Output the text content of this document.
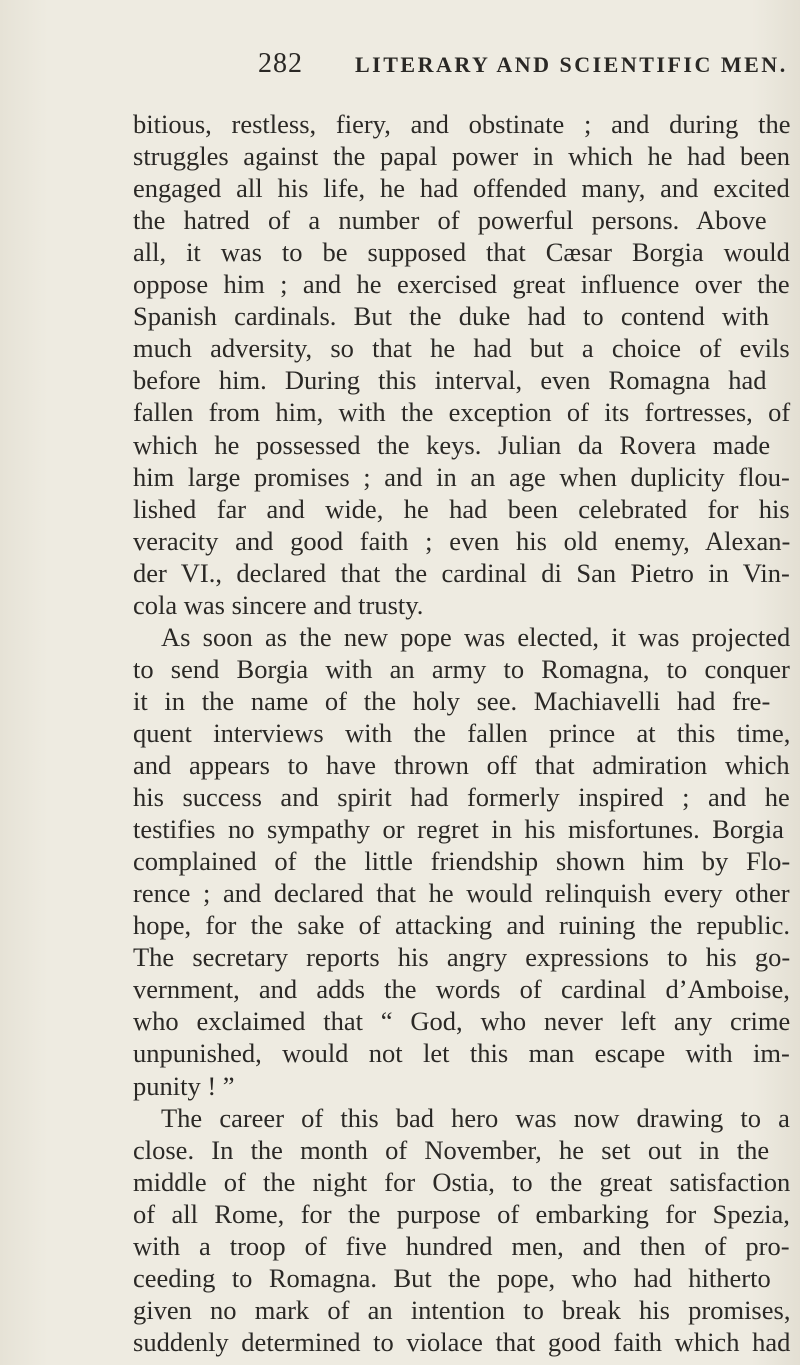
282 LITERARY AND SCIENTIFIC MEN.
bitious, restless, fiery, and obstinate ; and during the
struggles against the papal power in which he had been
engaged all his life, he had offended many, and excited
the hatred of a number of powerful persons. Above
all, it was to be supposed that Cæsar Borgia would
oppose him ; and he exercised great influence over the
Spanish cardinals. But the duke had to contend with
much adversity, so that he had but a choice of evils
before him. During this interval, even Romagna had
fallen from him, with the exception of its fortresses, of
which he possessed the keys. Julian da Rovera made
him large promises ; and in an age when duplicity flou-
lished far and wide, he had been celebrated for his
veracity and good faith ; even his old enemy, Alexan-
der VI., declared that the cardinal di San Pietro in Vin-
cola was sincere and trusty.
As soon as the new pope was elected, it was projected
to send Borgia with an army to Romagna, to conquer
it in the name of the holy see. Machiavelli had fre-
quent interviews with the fallen prince at this time,
and appears to have thrown off that admiration which
his success and spirit had formerly inspired ; and he
testifies no sympathy or regret in his misfortunes. Borgia
complained of the little friendship shown him by Flo-
rence ; and declared that he would relinquish every other
hope, for the sake of attacking and ruining the republic.
The secretary reports his angry expressions to his go-
vernment, and adds the words of cardinal d’Amboise,
who exclaimed that “ God, who never left any crime
unpunished, would not let this man escape with im-
punity ! ”
The career of this bad hero was now drawing to a
close. In the month of November, he set out in the
middle of the night for Ostia, to the great satisfaction
of all Rome, for the purpose of embarking for Spezia,
with a troop of five hundred men, and then of pro-
ceeding to Romagna. But the pope, who had hitherto
given no mark of an intention to break his promises,
suddenly determined to violace that good faith which had
